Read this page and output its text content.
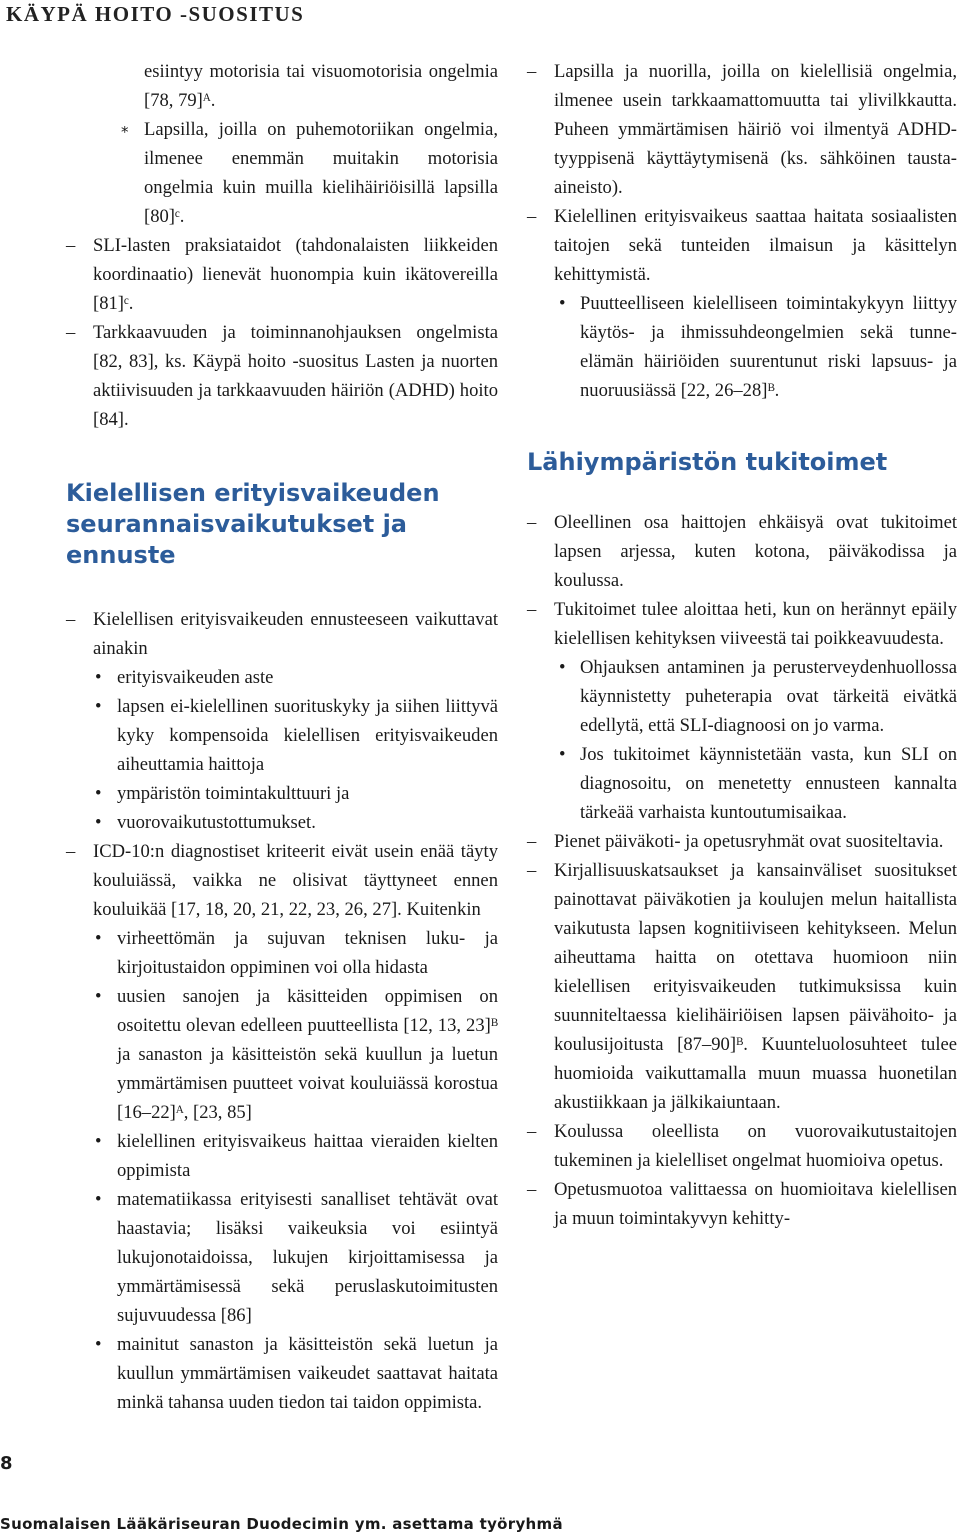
KÄYPÄ HOITO -SUOSITUS
esiintyy motorisia tai visuomotorisia ongelmia [78, 79]ᴬ.
* Lapsilla, joilla on puhemotoriikan ongelmia, ilmenee enemmän muitakin motorisia ongelmia kuin muilla kielihäiriöisillä lapsilla [80]ᶜ.
– SLI-lasten praksiataidot (tahdonalaisten liikkeiden koordinaatio) lienevät huonompia kuin ikätovereilla [81]ᶜ.
– Tarkkaavuuden ja toiminnanohjauksen ongelmista [82, 83], ks. Käypä hoito -suositus Lasten ja nuorten aktiivisuuden ja tarkkaavuuden häiriön (ADHD) hoito [84].
Kielellisen erityisvaikeuden seurannaisvaikutukset ja ennuste
– Kielellisen erityisvaikeuden ennusteeseen vaikuttavat ainakin
• erityisvaikeuden aste
• lapsen ei-kielellinen suorituskyky ja siihen liittyvä kyky kompensoida kielellisen erityisvaikeuden aiheuttamia haittoja
• ympäristön toimintakulttuuri ja
• vuorovaikutustottumukset.
– ICD-10:n diagnostiset kriteerit eivät usein enää täyty kouluiässä, vaikka ne olisivat täyttyneet ennen kouluikää [17, 18, 20, 21, 22, 23, 26, 27]. Kuitenkin
• virheettömän ja sujuvan teknisen luku- ja kirjoitustaidon oppiminen voi olla hidasta
• uusien sanojen ja käsitteiden oppimisen on osoitettu olevan edelleen puutteellista [12, 13, 23]ᴮ ja sanaston ja käsitteistön sekä kuullun ja luetun ymmärtämisen puutteet voivat kouluiässä korostua [16–22]ᴬ, [23, 85]
• kielellinen erityisvaikeus haittaa vieraiden kielten oppimista
• matematiikassa erityisesti sanalliset tehtävät ovat haastavia; lisäksi vaikeuksia voi esiintyä lukujonotaidoissa, lukujen kirjoittamisessa ja ymmärtämisessä sekä peruslaskutoimitusten sujuvuudessa [86]
• mainitut sanaston ja käsitteistön sekä luetun ja kuullun ymmärtämisen vaikeudet saattavat haitata minkä tahansa uuden tiedon tai taidon oppimista.
– Lapsilla ja nuorilla, joilla on kielellisiä ongelmia, ilmenee usein tarkkaamattomuutta tai ylivilkkautta. Puheen ymmärtämisen häiriö voi ilmentyä ADHD-tyyppisenä käyttäytymisenä (ks. sähköinen tausta-aineisto).
– Kielellinen erityisvaikeus saattaa haitata sosiaalisten taitojen sekä tunteiden ilmaisun ja käsittelyn kehittymistä.
• Puutteelliseen kielelliseen toimintakykyyn liittyy käytös- ja ihmissuhdeongelmien sekä tunne-elämän häiriöiden suurentunut riski lapsuus- ja nuoruusiässä [22, 26–28]ᴮ.
Lähiympäristön tukitoimet
– Oleellinen osa haittojen ehkäisyä ovat tukitoimet lapsen arjessa, kuten kotona, päiväkodissa ja koulussa.
– Tukitoimet tulee aloittaa heti, kun on herännyt epäily kielellisen kehityksen viiveestä tai poikkeavuudesta.
• Ohjauksen antaminen ja perusterveydenhuollossa käynnistetty puheterapia ovat tärkeitä eivätkä edellytä, että SLI-diagnoosi on jo varma.
• Jos tukitoimet käynnistetään vasta, kun SLI on diagnosoitu, on menetetty ennusteen kannalta tärkeää varhaista kuntoutumisaikaa.
– Pienet päiväkoti- ja opetusryhmät ovat suositeltavia.
– Kirjallisuuskatsaukset ja kansainväliset suositukset painottavat päiväkotien ja koulujen melun haitallista vaikutusta lapsen kognitiiviseen kehitykseen. Melun aiheuttama haitta on otettava huomioon niin kielellisen erityisvaikeuden tutkimuksissa kuin suunniteltaessa kielihäiriöisen lapsen päivähoito- ja koulusijoitusta [87–90]ᴮ. Kuunteluolosuhteet tulee huomioida vaikuttamalla muun muassa huonetilan akustiikkaan ja jälkikaiuntaan.
– Koulussa oleellista on vuorovaikutustaitojen tukeminen ja kielelliset ongelmat huomioiva opetus.
– Opetusmuotoa valittaessa on huomioitava kielellisen ja muun toimintakyvyn kehitty-
8
Suomalaisen Lääkäriseuran Duodecimin ym. asettama työryhmä
